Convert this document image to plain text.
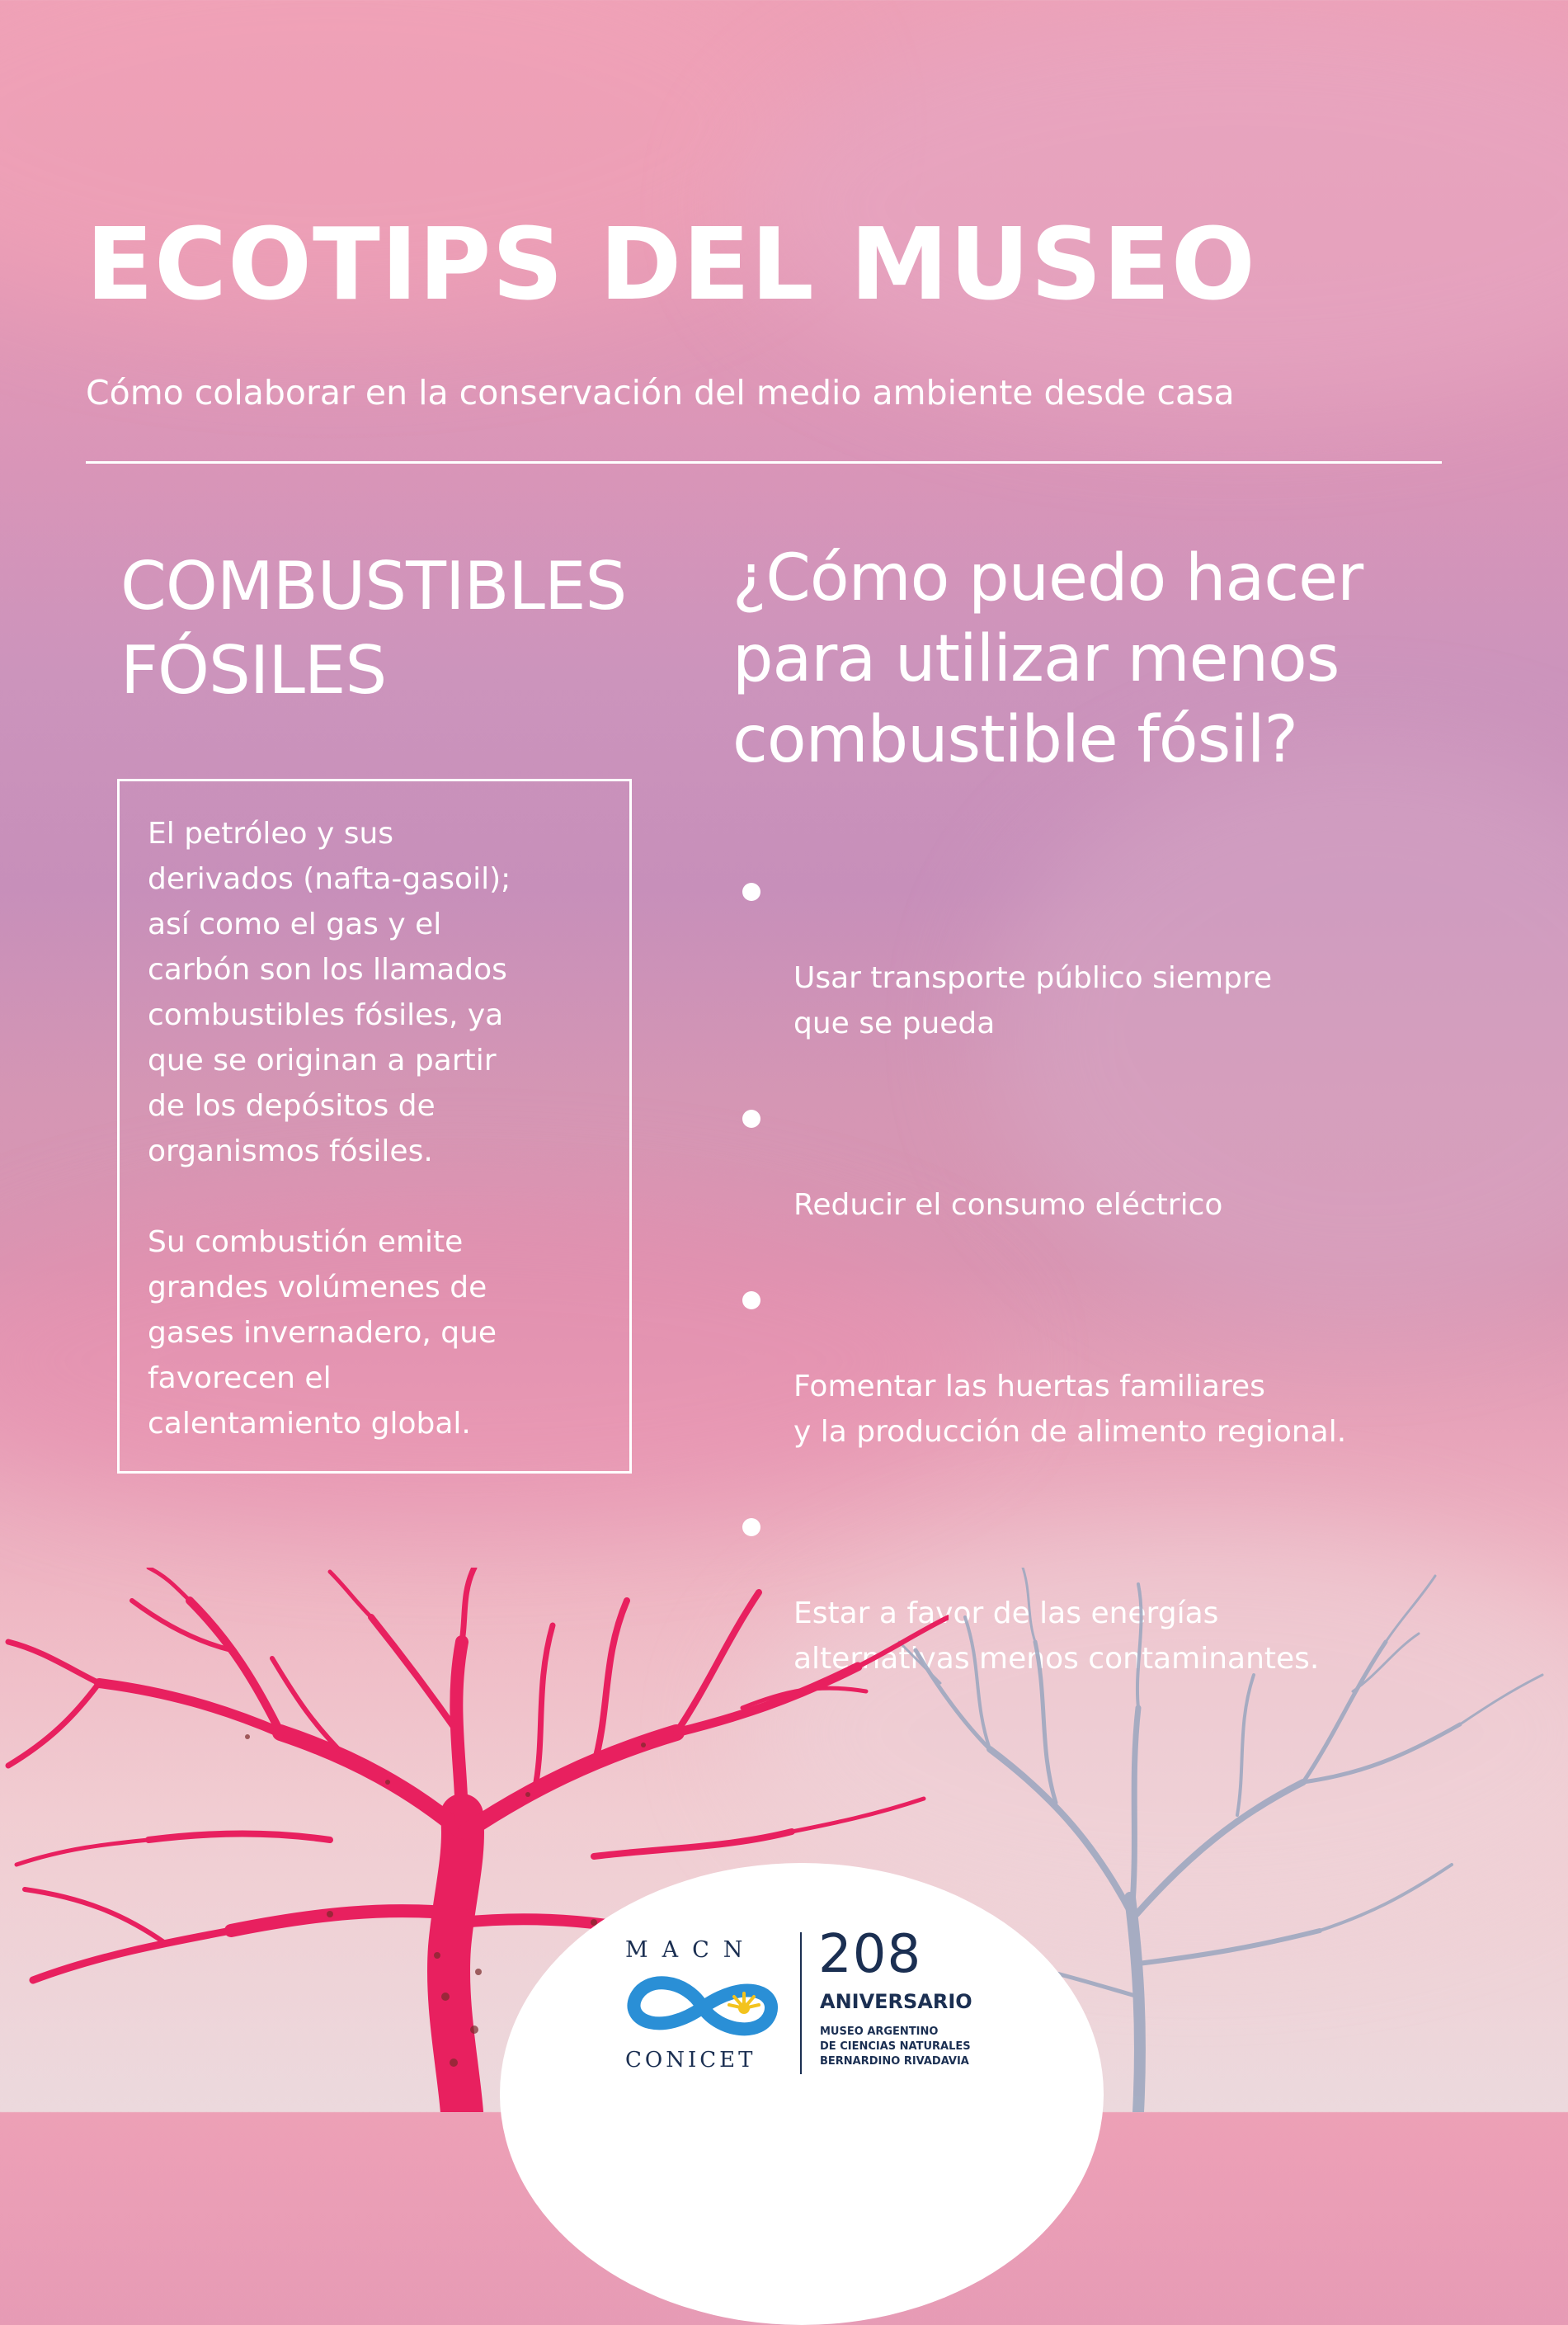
ECOTIPS DEL MUSEO

Cómo colaborar en la conservación del medio ambiente desde casa

COMBUSTIBLES
FÓSILES

El petróleo y sus
derivados (nafta-gasoil);
así como el gas y el
carbón son los llamados
combustibles fósiles, ya
que se originan a partir
de los depósitos de
organismos fósiles.

Su combustión emite
grandes volúmenes de
gases invernadero, que
favorecen el
calentamiento global.

¿Cómo puedo hacer
para utilizar menos
combustible fósil?

Usar transporte público siempre
que se pueda

Reducir el consumo eléctrico

Fomentar las huertas familiares
y la producción de alimento regional.

Estar a favor de las energías
alternativas menos contaminantes.

MACN
CONICET
208
ANIVERSARIO
MUSEO ARGENTINO
DE CIENCIAS NATURALES
BERNARDINO RIVADAVIA
